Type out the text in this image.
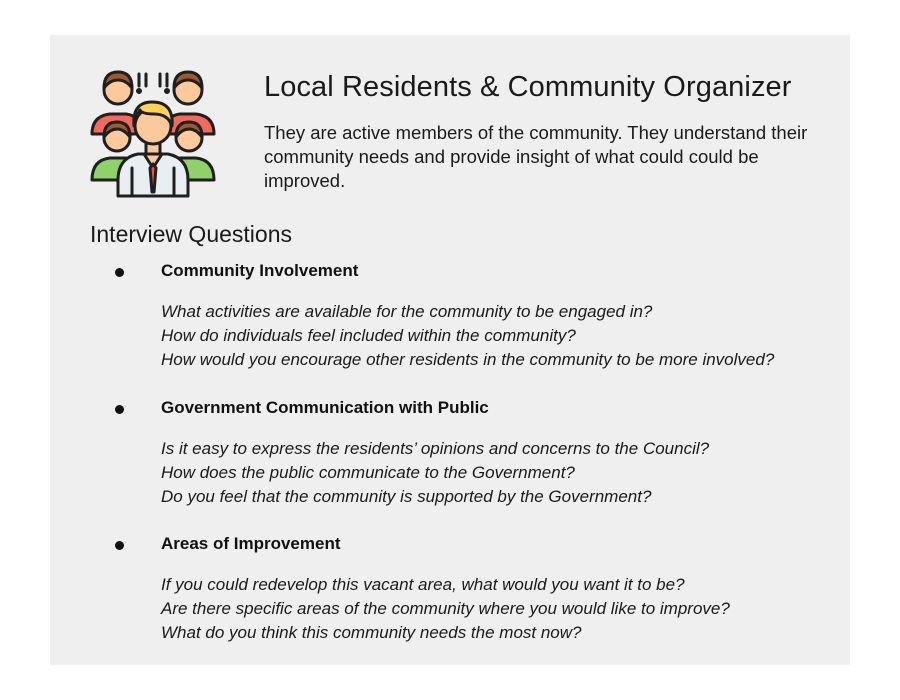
Local Residents & Community Organizer

They are active members of the community. They understand their community needs and provide insight of what could could be improved.

Interview Questions
Community Involvement
What activities are available for the community to be engaged in?
How do individuals feel included within the community?
How would you encourage other residents in the community to be more involved?
Government Communication with Public
Is it easy to express the residents’ opinions and concerns to the Council?
How does the public communicate to the Government?
Do you feel that the community is supported by the Government?
Areas of Improvement
If you could redevelop this vacant area, what would you want it to be?
Are there specific areas of the community where you would like to improve?
What do you think this community needs the most now?
